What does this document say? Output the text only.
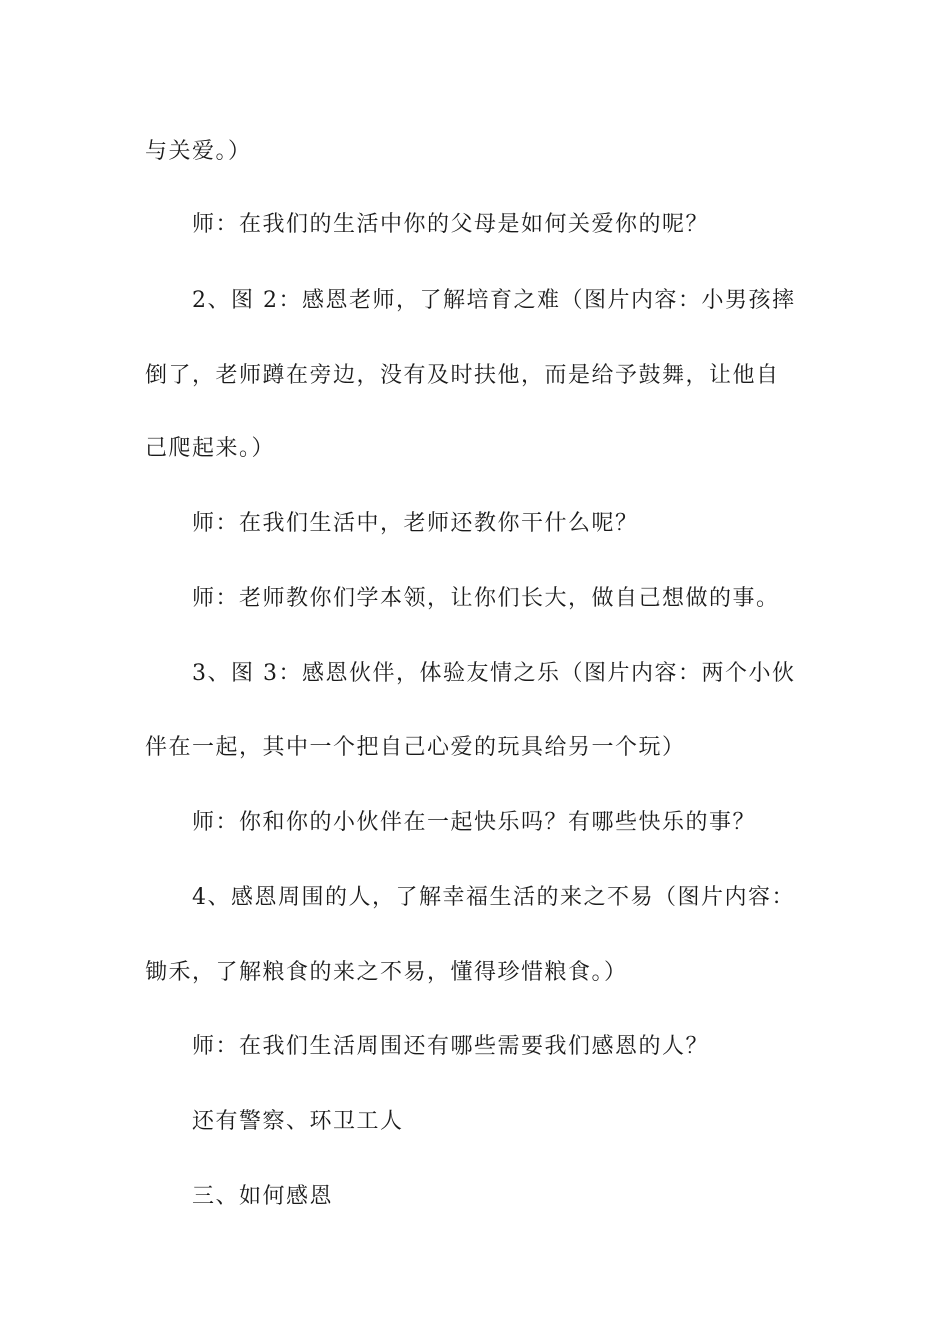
与关爱。）
师：在我们的生活中你的父母是如何关爱你的呢？
2、图 2：感恩老师，了解培育之难（图片内容：小男孩摔
倒了，老师蹲在旁边，没有及时扶他，而是给予鼓舞，让他自
己爬起来。）
师：在我们生活中，老师还教你干什么呢？
师：老师教你们学本领，让你们长大，做自己想做的事。
3、图 3：感恩伙伴，体验友情之乐（图片内容：两个小伙
伴在一起，其中一个把自己心爱的玩具给另一个玩）
师：你和你的小伙伴在一起快乐吗？有哪些快乐的事？
4、感恩周围的人，了解幸福生活的来之不易（图片内容：
锄禾，了解粮食的来之不易，懂得珍惜粮食。）
师：在我们生活周围还有哪些需要我们感恩的人？
还有警察、环卫工人
三、如何感恩
